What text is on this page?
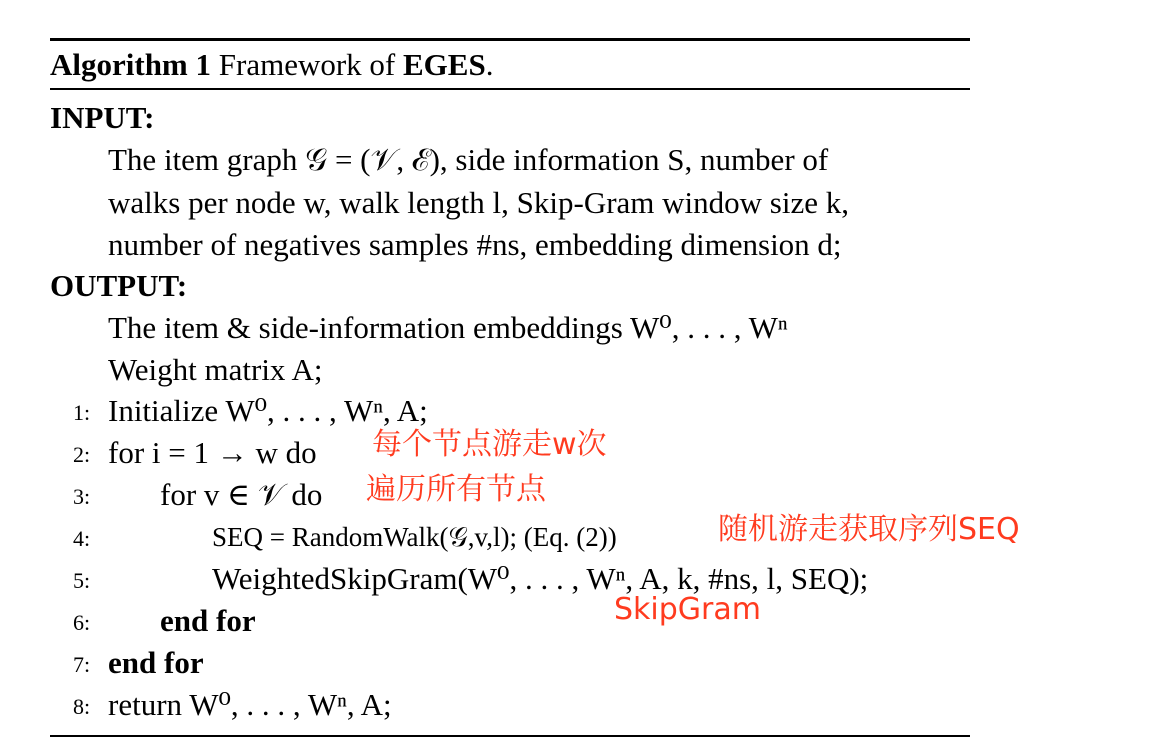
Algorithm 1 Framework of EGES.
INPUT:
The item graph 𝒢 = (𝒱, ℰ), side information S, number of
walks per node w, walk length l, Skip-Gram window size k,
number of negatives samples #ns, embedding dimension d;
OUTPUT:
The item & side-information embeddings W⁰, . . . , Wⁿ
Weight matrix A;
1: Initialize W⁰, . . . , Wⁿ, A;
2: for i = 1 → w do
3: for v ∈ 𝒱 do
4:	SEQ = RandomWalk(𝒢,v,l); (Eq. (2))
5:	WeightedSkipGram(W⁰, . . . , Wⁿ, A, k, #ns, l, SEQ);
6: end for
7: end for
8: return W⁰, . . . , Wⁿ, A;
每个节点游走w次
遍历所有节点
随机游走获取序列SEQ
SkipGram
